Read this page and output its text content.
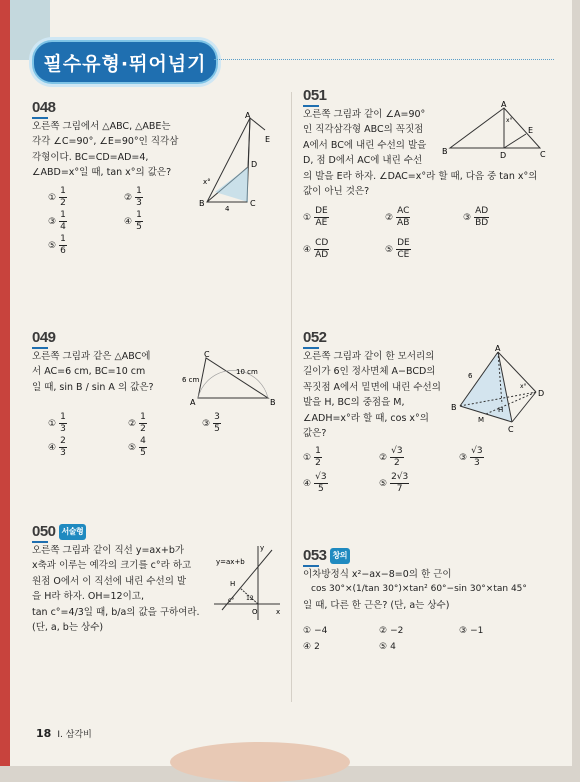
필수유형·뛰어넘기
048
오른쪽 그림에서 △ABC, △ABE는
각각 ∠C=90°, ∠E=90°인 직각삼
각형이다. BC=CD=AD=4,
∠ABD=x°일 때, tan x°의 값은?
A
E
D
B	C
x°
4
① $\frac{1}{2}$	② $\frac{1}{3}$
③ $\frac{1}{4}$	④ $\frac{1}{5}$
⑤ $\frac{1}{6}$
049
오른쪽 그림과 같은 △ABC에
서 AC=6 cm, BC=10 cm
일 때, sin B / sin A 의 값은?
C
A	B
6 cm
10 cm
① $\frac{1}{3}$	② $\frac{1}{2}$	③ $\frac{3}{5}$
④ $\frac{2}{3}$	⑤ $\frac{4}{5}$
050 서술형
오른쪽 그림과 같이 직선 y=ax+b가
x축과 이루는 예각의 크기를 c°라 하고
원점 O에서 이 직선에 내린 수선의 발
을 H라 하자. OH=12이고,
tan c°=4/3일 때, b/a의 값을 구하여라.
(단, a, b는 상수)
y=ax+b
y
x
H
O
c° 12
051
오른쪽 그림과 같이 ∠A=90°
인 직각삼각형 ABC의 꼭짓점
A에서 BC에 내린 수선의 발을
D, 점 D에서 AC에 내린 수선
의 발을 E라 하자. ∠DAC=x°라 할 때, 다음 중 tan x°의
값이 아닌 것은?
A
B	C
D
E
x°
① $\frac{DE}{AE}$	② $\frac{AC}{AB}$	③ $\frac{AD}{BD}$
④ $\frac{CD}{AD}$	⑤ $\frac{DE}{CE}$
052
오른쪽 그림과 같이 한 모서리의
길이가 6인 정사면체 A−BCD의
꼭짓점 A에서 밑면에 내린 수선의
발을 H, BC의 중점을 M,
∠ADH=x°라 할 때, cos x°의
값은?
A
B
C
D
H
M
6
x°
① $\frac{1}{2}$	② $\frac{√3}{2}$	③ $\frac{√3}{3}$
④ $\frac{√3}{5}$	⑤ $\frac{2√3}{7}$
053 창의
이차방정식 x²−ax−8=0의 한 근이
cos 30°×(1/tan 30°)×tan² 60°−sin 30°×tan 45°
일 때, 다른 한 근은? (단, a는 상수)
① −4	② −2	③ −1
④ 2	⑤ 4
18 I. 삼각비
